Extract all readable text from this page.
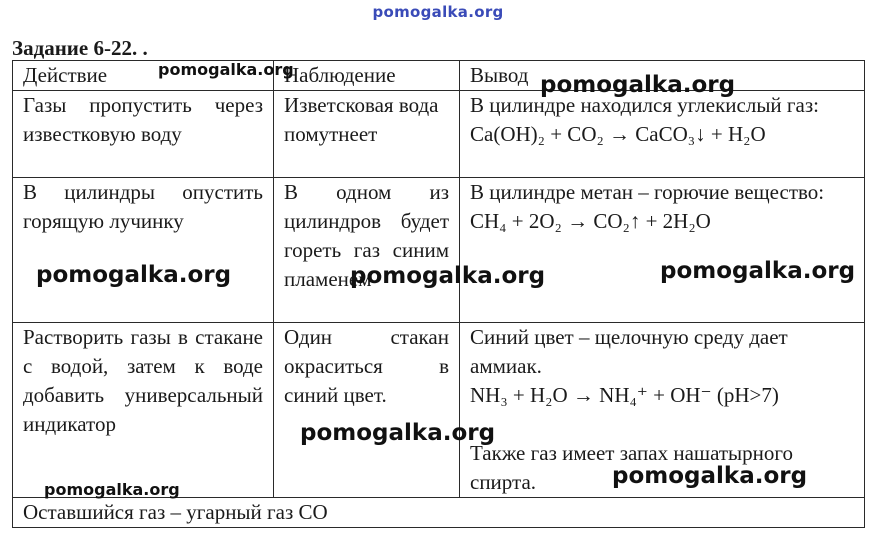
pomogalka.org
Задание 6-22. .
Действие	Наблюдение	Вывод
Газы пропустить через известковую воду	Изветсковая вода помутнеет	В цилиндре находился углекислый газ:
Ca(OH)₂ + CO₂ → CaCO₃↓ + H₂O

В цилиндры опустить горящую лучинку	В одном из цилиндров будет гореть газ синим пламенем	В цилиндре метан – горючие вещество:
CH₄ + 2O₂ → CO₂↑ + 2H₂O

Растворить газы в стакане с водой, затем к воде добавить универсальный индикатор	Один стакан окраситься в синий цвет.	Синий цвет – щелочную среду дает аммиак.
NH₃ + H₂O → NH₄⁺ + OH⁻ (pH>7)
Также газ имеет запах нашатырного спирта.

Оставшийся газ – угарный газ CO		
pomogalka.org
pomogalka.org
pomogalka.org	pomogalka.org	pomogalka.org
pomogalka.org
pomogalka.org
pomogalka.org
